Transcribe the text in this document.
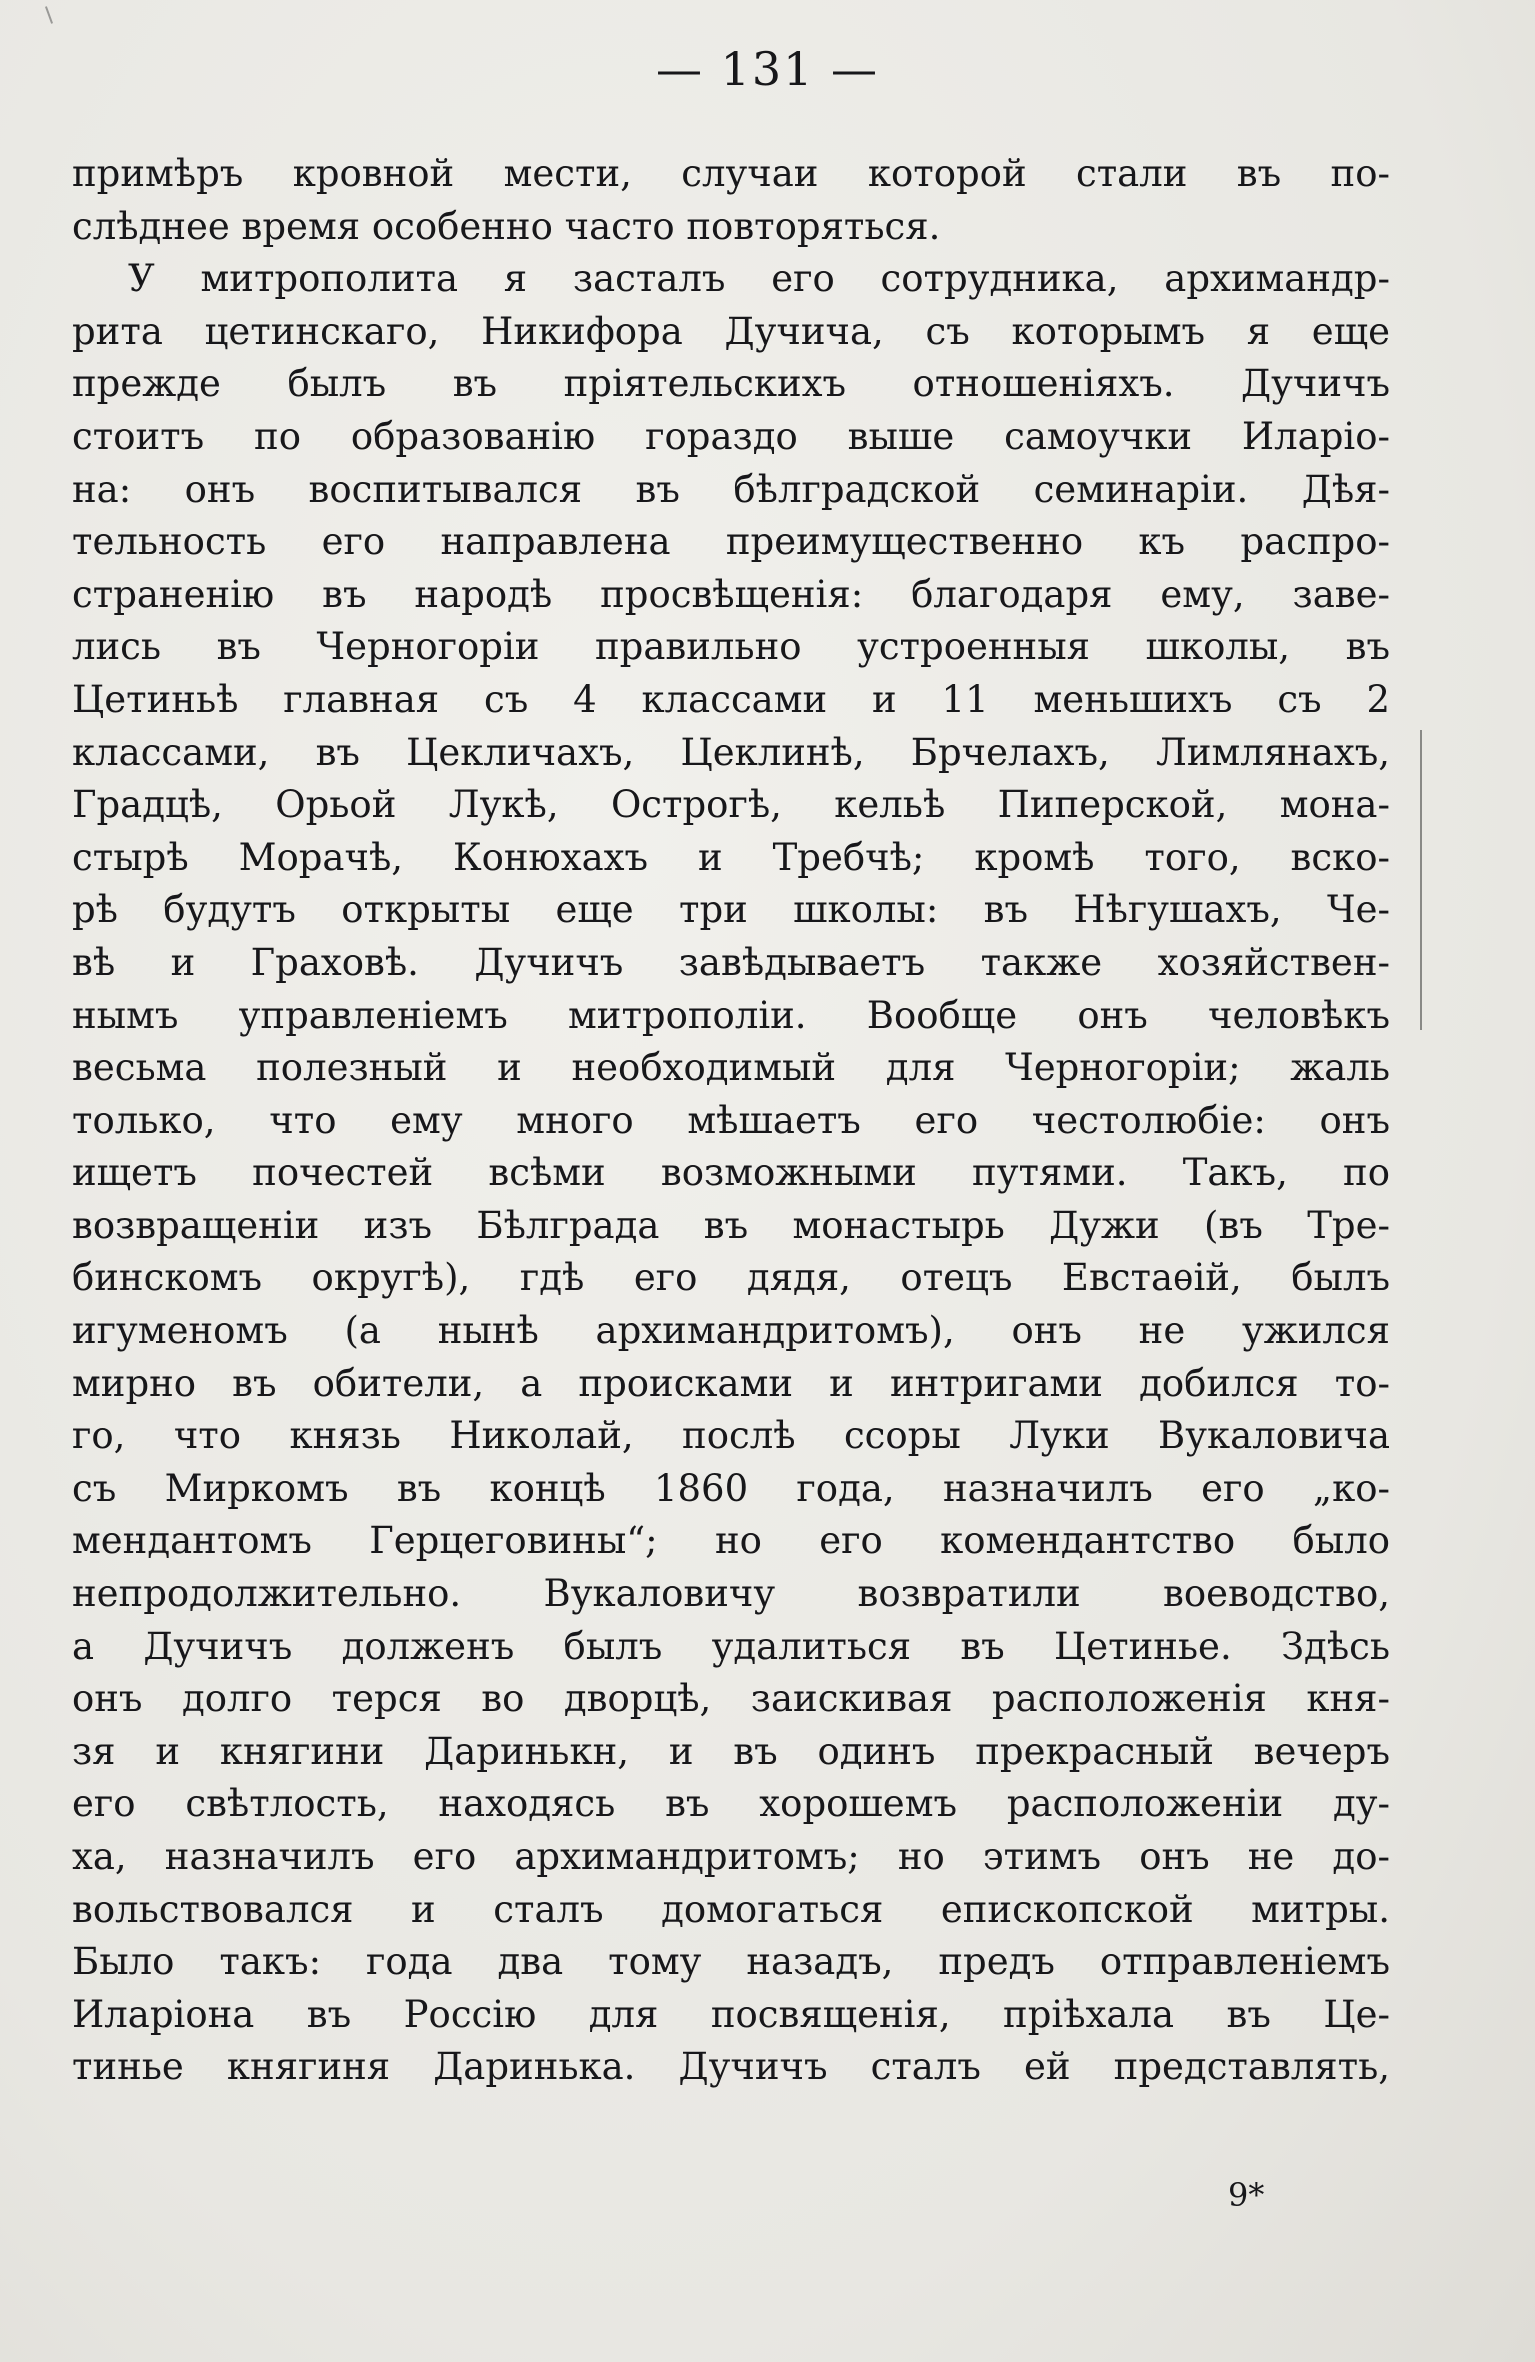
— 131 —
примѣръ кровной мести, случаи которой стали въ по-
слѣднее время особенно часто повторяться.
У митрополита я засталъ его сотрудника, архимандр-
рита цетинскаго, Никифора Дучича, съ которымъ я еще
прежде былъ въ пріятельскихъ отношеніяхъ. Дучичъ
стоитъ по образованію гораздо выше самоучки Иларіо-
на: онъ воспитывался въ бѣлградской семинаріи. Дѣя-
тельность его направлена преимущественно къ распро-
страненію въ народѣ просвѣщенія: благодаря ему, заве-
лись въ Черногоріи правильно устроенныя школы, въ
Цетиньѣ главная съ 4 классами и 11 меньшихъ съ 2
классами, въ Цекличахъ, Цеклинѣ, Брчелахъ, Лимлянахъ,
Градцѣ, Орьой Лукѣ, Острогѣ, кельѣ Пиперской, мона-
стырѣ Морачѣ, Конюхахъ и Требчѣ; кромѣ того, вско-
рѣ будутъ открыты еще три школы: въ Нѣгушахъ, Че-
вѣ и Граховѣ. Дучичъ завѣдываетъ также хозяйствен-
нымъ управленіемъ митрополіи. Вообще онъ человѣкъ
весьма полезный и необходимый для Черногоріи; жаль
только, что ему много мѣшаетъ его честолюбіе: онъ
ищетъ почестей всѣми возможными путями. Такъ, по
возвращеніи изъ Бѣлграда въ монастырь Дужи (въ Тре-
бинскомъ округѣ), гдѣ его дядя, отецъ Евстаѳій, былъ
игуменомъ (а нынѣ архимандритомъ), онъ не ужился
мирно въ обители, а происками и интригами добился то-
го, что князь Николай, послѣ ссоры Луки Вукаловича
съ Миркомъ въ концѣ 1860 года, назначилъ его „ко-
мендантомъ Герцеговины“; но его комендантство было
непродолжительно. Вукаловичу возвратили воеводство,
а Дучичъ долженъ былъ удалиться въ Цетинье. Здѣсь
онъ долго терся во дворцѣ, заискивая расположенія кня-
зя и княгини Даринькн, и въ одинъ прекрасный вечеръ
его свѣтлость, находясь въ хорошемъ расположеніи ду-
ха, назначилъ его архимандритомъ; но этимъ онъ не до-
вольствовался и сталъ домогаться епископской митры.
Было такъ: года два тому назадъ, предъ отправленіемъ
Иларіона въ Россію для посвященія, пріѣхала въ Це-
тинье княгиня Даринька. Дучичъ сталъ ей представлять,
9*
